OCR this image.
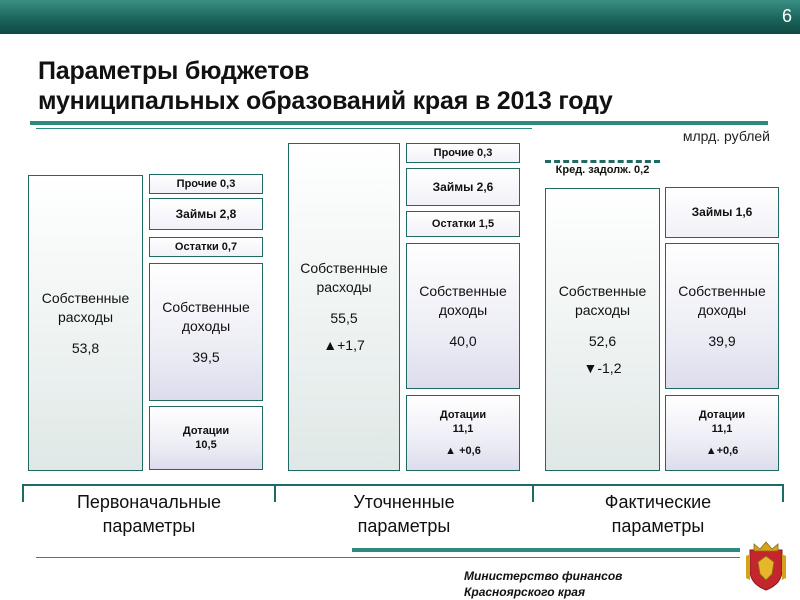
6
Параметры бюджетов
муниципальных образований края в 2013 году
млрд. рублей
Собственные
расходы
53,8
Прочие 0,3
Займы 2,8
Остатки 0,7
Собственные
доходы
39,5
Дотации
10,5
Собственные
расходы
55,5
▲+1,7
Прочие 0,3
Займы 2,6
Остатки 1,5
Собственные
доходы
40,0
Дотации
11,1
▲ +0,6
Кред. задолж. 0,2
Собственные
расходы
52,6
▼-1,2
Займы 1,6
Собственные
доходы
39,9
Дотации
11,1
▲+0,6
Первоначальные
параметры
Уточненные
параметры
Фактические
параметры
Министерство финансов
Красноярского края
